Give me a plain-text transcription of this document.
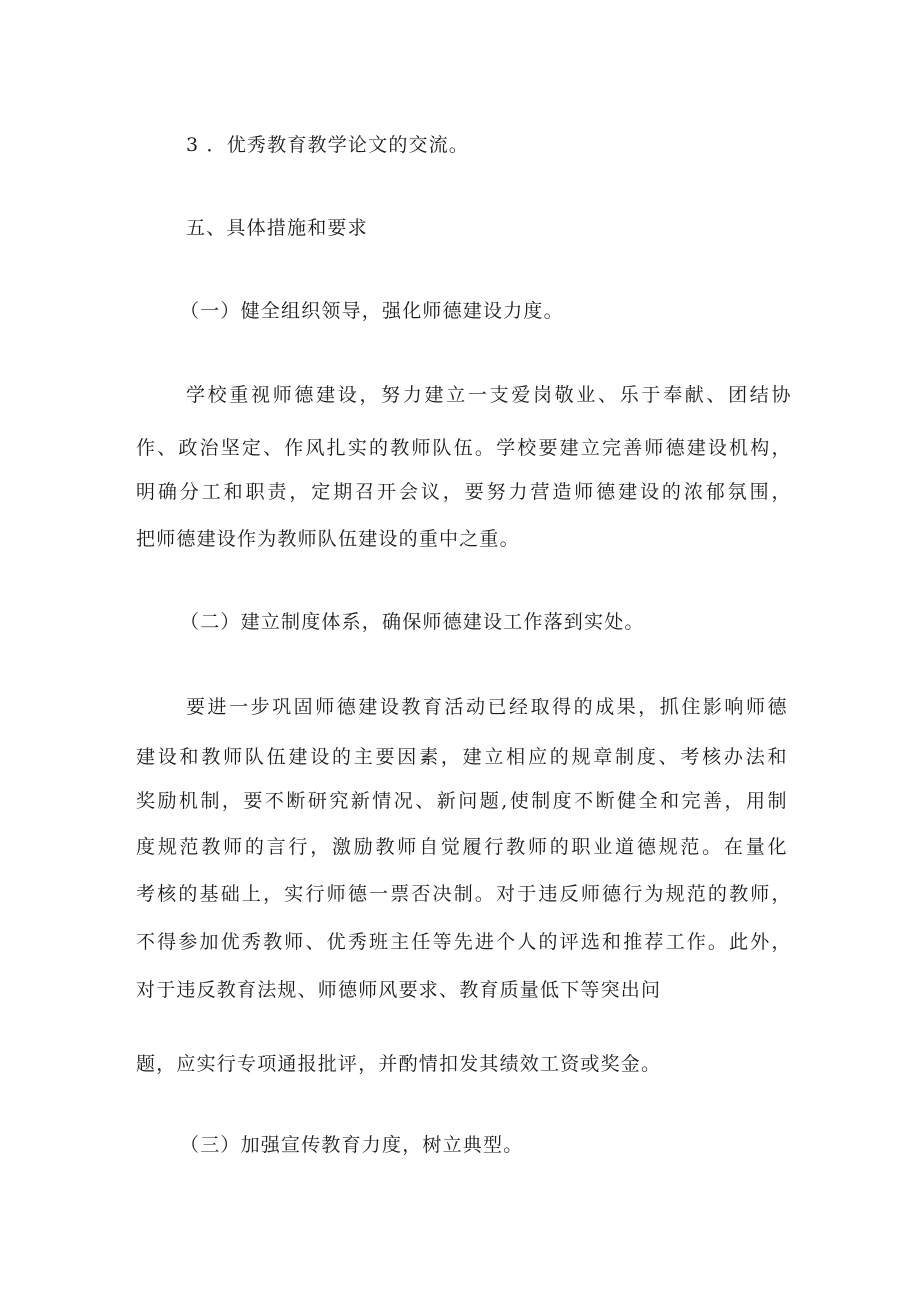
3 ．优秀教育教学论文的交流。
五、具体措施和要求
（一）健全组织领导，强化师德建设力度。
学校重视师德建设，努力建立一支爱岗敬业、乐于奉献、团结协
作、政治坚定、作风扎实的教师队伍。学校要建立完善师德建设机构，
明确分工和职责，定期召开会议，要努力营造师德建设的浓郁氛围，
把师德建设作为教师队伍建设的重中之重。
（二）建立制度体系，确保师德建设工作落到实处。
要进一步巩固师德建设教育活动已经取得的成果，抓住影响师德
建设和教师队伍建设的主要因素，建立相应的规章制度、考核办法和
奖励机制，要不断研究新情况、新问题,使制度不断健全和完善，用制
度规范教师的言行，激励教师自觉履行教师的职业道德规范。在量化
考核的基础上，实行师德一票否决制。对于违反师德行为规范的教师，
不得参加优秀教师、优秀班主任等先进个人的评选和推荐工作。此外，
对于违反教育法规、师德师风要求、教育质量低下等突出问
题，应实行专项通报批评，并酌情扣发其绩效工资或奖金。
（三）加强宣传教育力度，树立典型。
